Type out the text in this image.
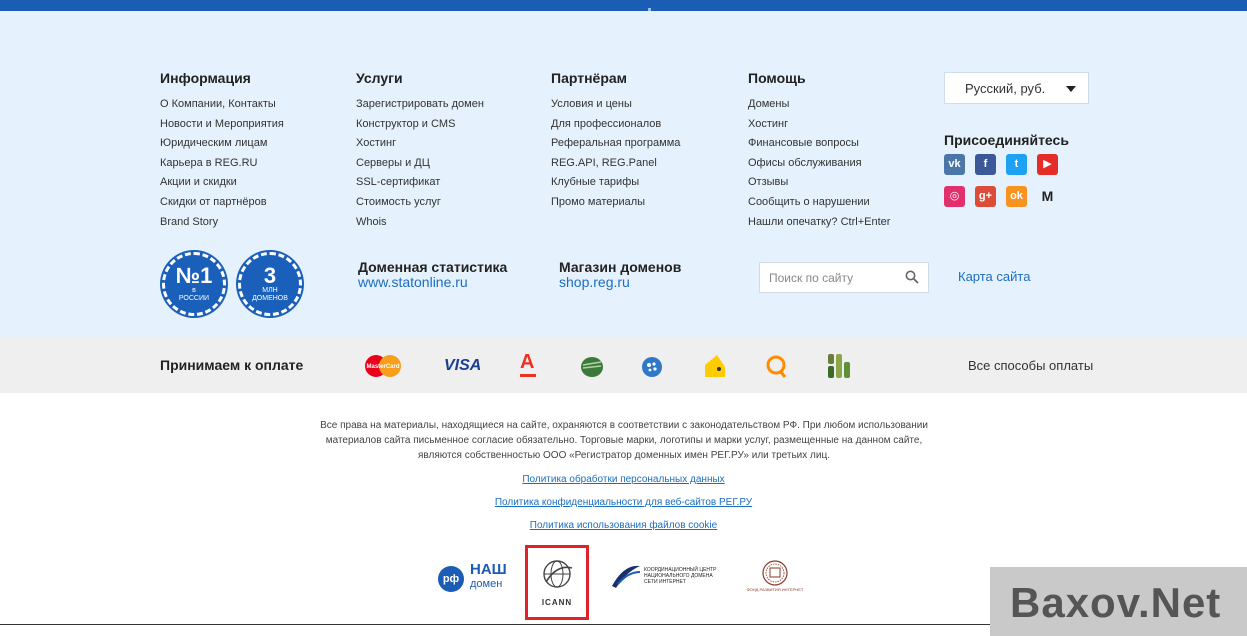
Информация
О Компании, Контакты
Новости и Мероприятия
Юридическим лицам
Карьера в REG.RU
Акции и скидки
Скидки от партнёров
Brand Story
Услуги
Зарегистрировать домен
Конструктор и CMS
Хостинг
Серверы и ДЦ
SSL-сертификат
Стоимость услуг
Whois
Партнёрам
Условия и цены
Для профессионалов
Реферальная программа
REG.API, REG.Panel
Клубные тарифы
Промо материалы
Помощь
Домены
Хостинг
Финансовые вопросы
Офисы обслуживания
Отзывы
Сообщить о нарушении
Нашли опечатку? Ctrl+Enter
Русский, руб.
Присоединяйтесь
vk	f	t	▶
◎	g+	ok	M
№1
в
РОССИИ
3
МЛН
ДОМЕНОВ
Доменная статистика
www.statonline.ru
Магазин доменов
shop.reg.ru
Поиск по сайту	Карта сайта
Принимаем к оплате	MasterCard	VISA A	Все способы оплаты
Все права на материалы, находящиеся на сайте, охраняются в соответствии с законодательством РФ. При любом использовании
материалов сайта письменное согласие обязательно. Торговые марки, логотипы и марки услуг, размещенные на данном сайте,
являются собственностью ООО «Регистратор доменных имен РЕГ.РУ» или третьих лиц.
Политика обработки персональных данных
Политика конфиденциальности для веб-сайтов РЕГ.РУ
Политика использования файлов cookie
рф
НАШ
домен
ICANN
КООРДИНАЦИОННЫЙ ЦЕНТР
НАЦИОНАЛЬНОГО ДОМЕНА
СЕТИ ИНТЕРНЕТ
ФОНД РАЗВИТИЯ ИНТЕРНЕТ	Baxov.Net
